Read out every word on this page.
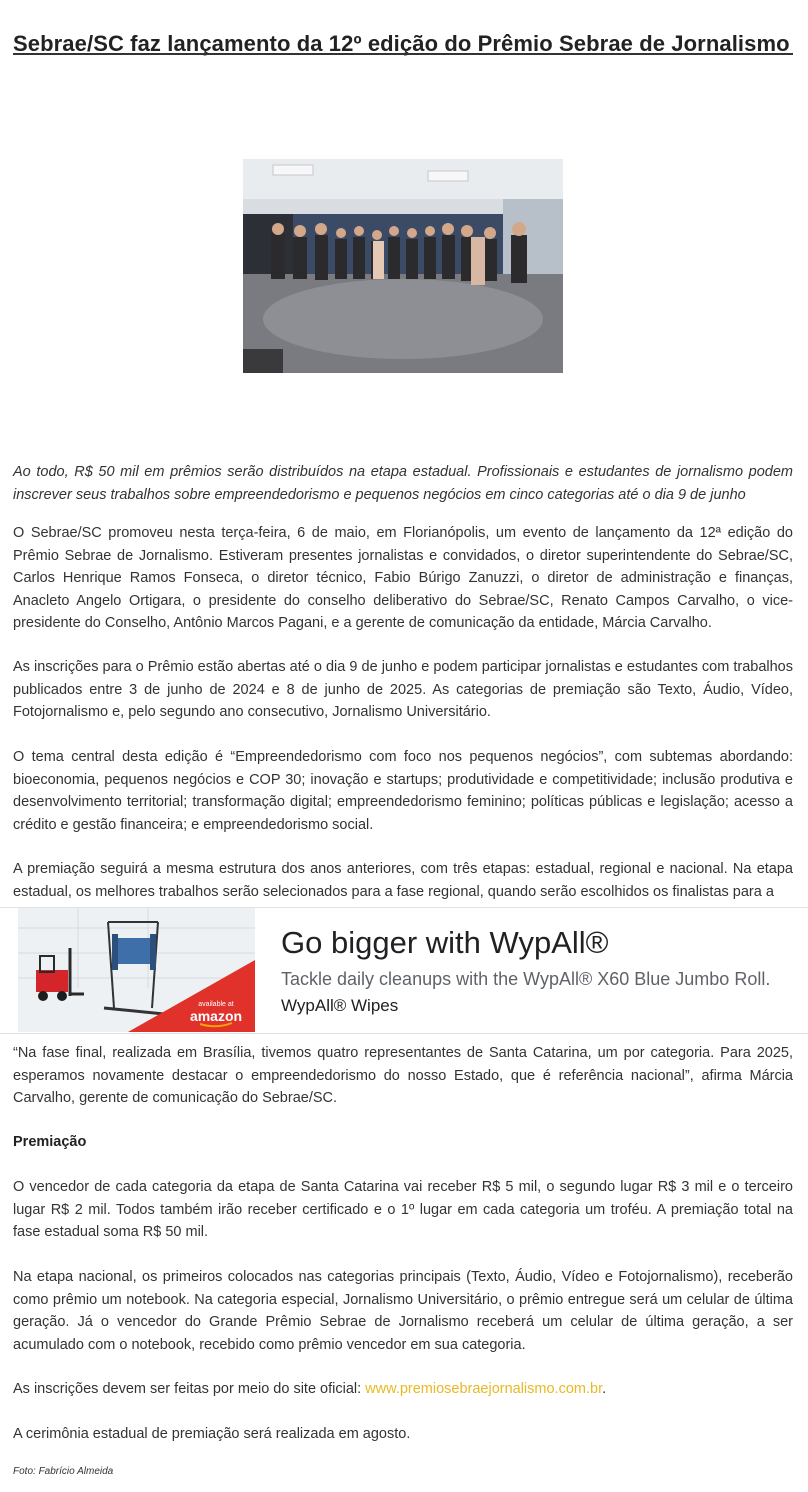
Sebrae/SC faz lançamento da 12º edição do Prêmio Sebrae de Jornalismo

Ao todo, R$ 50 mil em prêmios serão distribuídos na etapa estadual. Profissionais e estudantes de jornalismo podem inscrever seus trabalhos sobre empreendedorismo e pequenos negócios em cinco categorias até o dia 9 de junho

O Sebrae/SC promoveu nesta terça-feira, 6 de maio, em Florianópolis, um evento de lançamento da 12ª edição do Prêmio Sebrae de Jornalismo. Estiveram presentes jornalistas e convidados, o diretor superintendente do Sebrae/SC, Carlos Henrique Ramos Fonseca, o diretor técnico, Fabio Búrigo Zanuzzi, o diretor de administração e finanças, Anacleto Angelo Ortigara, o presidente do conselho deliberativo do Sebrae/SC, Renato Campos Carvalho, o vice-presidente do Conselho, Antônio Marcos Pagani, e a gerente de comunicação da entidade, Márcia Carvalho.

As inscrições para o Prêmio estão abertas até o dia 9 de junho e podem participar jornalistas e estudantes com trabalhos publicados entre 3 de junho de 2024 e 8 de junho de 2025. As categorias de premiação são Texto, Áudio, Vídeo, Fotojornalismo e, pelo segundo ano consecutivo, Jornalismo Universitário.

O tema central desta edição é “Empreendedorismo com foco nos pequenos negócios”, com subtemas abordando: bioeconomia, pequenos negócios e COP 30; inovação e startups; produtividade e competitividade; inclusão produtiva e desenvolvimento territorial; transformação digital; empreendedorismo feminino; políticas públicas e legislação; acesso a crédito e gestão financeira; e empreendedorismo social.

A premiação seguirá a mesma estrutura dos anos anteriores, com três etapas: estadual, regional e nacional. Na etapa estadual, os melhores trabalhos serão selecionados para a fase regional, quando serão escolhidos os finalistas para a

available at
amazon
Go bigger with WypAll®
Tackle daily cleanups with the WypAll® X60 Blue Jumbo Roll.
WypAll® Wipes

“Na fase final, realizada em Brasília, tivemos quatro representantes de Santa Catarina, um por categoria. Para 2025, esperamos novamente destacar o empreendedorismo do nosso Estado, que é referência nacional”, afirma Márcia Carvalho, gerente de comunicação do Sebrae/SC.

Premiação

O vencedor de cada categoria da etapa de Santa Catarina vai receber R$ 5 mil, o segundo lugar R$ 3 mil e o terceiro lugar R$ 2 mil. Todos também irão receber certificado e o 1º lugar em cada categoria um troféu. A premiação total na fase estadual soma R$ 50 mil.

Na etapa nacional, os primeiros colocados nas categorias principais (Texto, Áudio, Vídeo e Fotojornalismo), receberão como prêmio um notebook. Na categoria especial, Jornalismo Universitário, o prêmio entregue será um celular de última geração. Já o vencedor do Grande Prêmio Sebrae de Jornalismo receberá um celular de última geração, a ser acumulado com o notebook, recebido como prêmio vencedor em sua categoria.

As inscrições devem ser feitas por meio do site oficial: www.premiosebraejornalismo.com.br.

A cerimônia estadual de premiação será realizada em agosto.

Foto: Fabrício Almeida
